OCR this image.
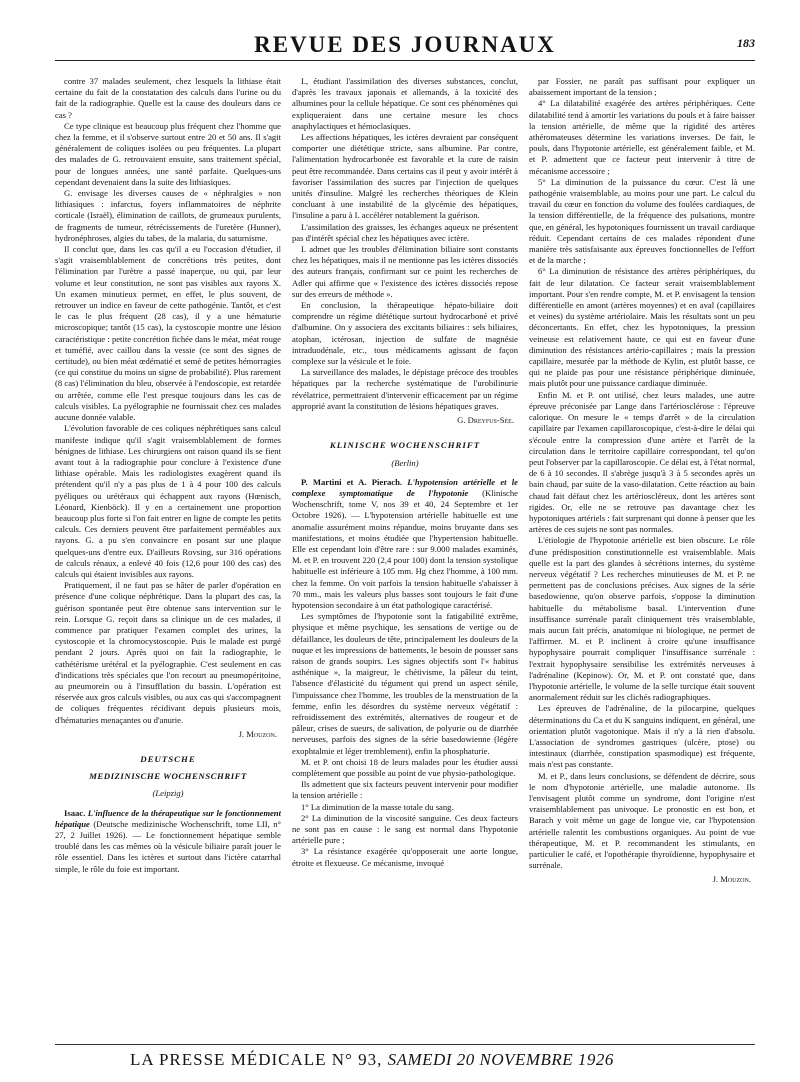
REVUE DES JOURNAUX	183

contre 37 malades seulement, chez lesquels la lithiase était certaine du fait de la constatation des calculs dans l'urine ou du fait de la radiographie. Quelle est la cause des douleurs dans ce cas ?

Ce type clinique est beaucoup plus fréquent chez l'homme que chez la femme, et il s'observe surtout entre 20 et 50 ans. Il s'agit généralement de coliques isolées ou peu fréquentes. La plupart des malades de G. retrouvaient ensuite, sans traitement spécial, pour de longues années, une santé parfaite. Quelques-uns cependant devenaient dans la suite des lithiasiques.

G. envisage les diverses causes de « néphralgies » non lithiasiques : infarctus, foyers inflammatoires de néphrite corticale (Israël), élimination de caillots, de grumeaux purulents, de fragments de tumeur, rétrécissements de l'uretère (Hunner), hydronéphroses, algies du tabes, de la malaria, du saturnisme.

Il conclut que, dans les cas qu'il a eu l'occasion d'étudier, il s'agit vraisemblablement de concrétions très petites, dont l'élimination par l'urètre a passé inaperçue, ou qui, par leur volume et leur constitution, ne sont pas visibles aux rayons X. Un examen minutieux permet, en effet, le plus souvent, de retrouver un indice en faveur de cette pathogénie. Tantôt, et c'est le cas le plus fréquent (28 cas), il y a une hématurie microscopique; tantôt (15 cas), la cystoscopie montre une lésion caractéristique : petite concrétion fichée dans le méat, méat rouge et tuméfié, avec caillou dans la vessie (ce sont des signes de certitude), ou bien méat œdématié et semé de petites hémorragies (ce qui constitue du moins un signe de probabilité). Plus rarement (8 cas) l'élimination du bleu, observée à l'endoscopie, est retardée ou arrêtée, comme elle l'est presque toujours dans les cas de calculs visibles. La pyélographie ne fournissait chez ces malades aucune donnée valable.

L'évolution favorable de ces coliques néphrétiques sans calcul manifeste indique qu'il s'agit vraisemblablement de formes bénignes de lithiase. Les chirurgiens ont raison quand ils se fient avant tout à la radiographie pour conclure à l'existence d'une lithiase opérable. Mais les radiologistes exagèrent quand ils prétendent qu'il n'y a pas plus de 1 à 4 pour 100 des calculs pyéliques ou urétéraux qui échappent aux rayons (Hœnisch, Léonard, Kienböck). Il y en a certainement une proportion beaucoup plus forte si l'on fait entrer en ligne de compte les petits calculs. Ces derniers peuvent être parfaitement perméables aux rayons. G. a pu s'en convaincre en posant sur une plaque quelques-uns d'entre eux. D'ailleurs Rovsing, sur 316 opérations de calculs rénaux, a enlevé 40 fois (12,6 pour 100 des cas) des calculs qui étaient invisibles aux rayons.

Pratiquement, il ne faut pas se hâter de parler d'opération en présence d'une colique néphrétique. Dans la plupart des cas, la guérison spontanée peut être obtenue sans intervention sur le rein. Lorsque G. reçoit dans sa clinique un de ces malades, il commence par pratiquer l'examen complet des urines, la cystoscopie et la chromocystoscopie. Puis le malade est purgé pendant 2 jours. Après quoi on fait la radiographie, le cathétérisme urétéral et la pyélographie. C'est seulement en cas d'indications très spéciales que l'on recourt au pneumopéritoine, au pneumorein ou à l'insufflation du bassin. L'opération est réservée aux gros calculs visibles, ou aux cas qui s'accompagnent de coliques fréquentes récidivant depuis plusieurs mois, d'hématuries menaçantes ou d'anurie.

J. Mouzon.
DEUTSCHE
MEDIZINISCHE WOCHENSCHRIFT
(Leipzig)

Isaac. L'influence de la thérapeutique sur le fonctionnement hépatique (Deutsche medizinische Wochenschrift, tome LII, n° 27, 2 Juillet 1926). — Le fonctionnement hépatique semble troublé dans les cas mêmes où la vésicule biliaire paraît jouer le rôle essentiel. Dans les ictères et surtout dans l'ictère catarrhal simple, le rôle du foie est important.

I., étudiant l'assimilation des diverses substances, conclut, d'après les travaux japonais et allemands, à la toxicité des albumines pour la cellule hépatique. Ce sont ces phénomènes qui expliqueraient dans une certaine mesure les chocs anaphylactiques et hémoclasiques.

Les affections hépatiques, les ictères devraient par conséquent comporter une diététique stricte, sans albumine. Par contre, l'alimentation hydrocarbonée est favorable et la cure de raisin peut être recommandée. Dans certains cas il peut y avoir intérêt à favoriser l'assimilation des sucres par l'injection de quelques unités d'insuline. Malgré les recherches théoriques de Klein concluant à une instabilité de la glycémie des hépatiques, l'insuline a paru à I. accélérer notablement la guérison.

L'assimilation des graisses, les échanges aqueux ne présentent pas d'intérêt spécial chez les hépatiques avec ictère.

I. admet que les troubles d'élimination biliaire sont constants chez les hépatiques, mais il ne mentionne pas les ictères dissociés des auteurs français, confirmant sur ce point les recherches de Adler qui affirme que « l'existence des ictères dissociés repose sur des erreurs de méthode ».

En conclusion, la thérapeutique hépato-biliaire doit comprendre un régime diététique surtout hydrocarboné et privé d'albumine. On y associera des excitants biliaires : sels biliaires, atophan, ictérosan, injection de sulfate de magnésie intraduodénale, etc., tous médicaments agissant de façon complexe sur la vésicule et le foie.

La surveillance des malades, le dépistage précoce des troubles hépatiques par la recherche systématique de l'urobilinurie révélatrice, permettraient d'intervenir efficacement par un régime approprié avant la constitution de lésions hépatiques graves.

G. Dreyfus-Sée.
KLINISCHE WOCHENSCHRIFT
(Berlin)

P. Martini et A. Pierach. L'hypotension artérielle et le complexe symptomatique de l'hypotonie (Klinische Wochenschrift, tome V, nos 39 et 40, 24 Septembre et 1er Octobre 1926). — L'hypotension artérielle habituelle est une anomalie assurément moins répandue, moins bruyante dans ses manifestations, et moins étudiée que l'hypertension habituelle. Elle est cependant loin d'être rare : sur 9.000 malades examinés, M. et P. en trouvent 220 (2,4 pour 100) dont la tension systolique habituelle est inférieure à 105 mm. Hg chez l'homme, à 100 mm. chez la femme. On voit parfois la tension habituelle s'abaisser à 70 mm., mais les valeurs plus basses sont toujours le fait d'une hypotension secondaire à un état pathologique caractérisé.

Les symptômes de l'hypotonie sont la fatigabilité extrême, physique et même psychique, les sensations de vertige ou de défaillance, les douleurs de tête, principalement les douleurs de la nuque et les impressions de battements, le besoin de pousser sans raison de grands soupirs. Les signes objectifs sont l'« habitus asthénique », la maigreur, le chétivisme, la pâleur du teint, l'absence d'élasticité du tégument qui prend un aspect sénile, l'impuissance chez l'homme, les troubles de la menstruation de la femme, enfin les désordres du système nerveux végétatif : refroidissement des extrémités, alternatives de rougeur et de pâleur, crises de sueurs, de salivation, de polyurie ou de diarrhée nerveuses, parfois des signes de la série basedowienne (légère exophtalmie et léger tremblement), enfin la phosphaturie.

M. et P. ont choisi 18 de leurs malades pour les étudier aussi complètement que possible au point de vue physio-pathologique.

Ils admettent que six facteurs peuvent intervenir pour modifier la tension artérielle :

1° La diminution de la masse totale du sang.

2° La diminution de la viscosité sanguine. Ces deux facteurs ne sont pas en cause : le sang est normal dans l'hypotonie artérielle pure ;

3° La résistance exagérée qu'opposerait une aorte longue, étroite et flexueuse. Ce mécanisme, invoqué

par Fossier, ne paraît pas suffisant pour expliquer un abaissement important de la tension ;

4° La dilatabilité exagérée des artères périphériques. Cette dilatabilité tend à amortir les variations du pouls et à faire baisser la tension artérielle, de même que la rigidité des artères athéromateuses détermine les variations inverses. De fait, le pouls, dans l'hypotonie artérielle, est généralement faible, et M. et P. admettent que ce facteur peut intervenir à titre de mécanisme accessoire ;

5° La diminution de la puissance du cœur. C'est là une pathogénie vraisemblable, au moins pour une part. Le calcul du travail du cœur en fonction du volume des foulées cardiaques, de la tension différentielle, de la fréquence des pulsations, montre que, en général, les hypotoniques fournissent un travail cardiaque réduit. Cependant certains de ces malades répondent d'une manière très satisfaisante aux épreuves fonctionnelles de l'effort et de la marche ;

6° La diminution de résistance des artères périphériques, du fait de leur dilatation. Ce facteur serait vraisemblablement important. Pour s'en rendre compte, M. et P. envisagent la tension différentielle en amont (artères moyennes) et en aval (capillaires et veines) du système artériolaire. Mais les résultats sont un peu déconcertants. En effet, chez les hypotoniques, la pression veineuse est relativement haute, ce qui est en faveur d'une diminution des résistances artério-capillaires ; mais la pression capillaire, mesurée par la méthode de Kylin, est plutôt basse, ce qui ne plaide pas pour une résistance périphérique diminuée, mais plutôt pour une puissance cardiaque diminuée.

Enfin M. et P. ont utilisé, chez leurs malades, une autre épreuve préconisée par Lange dans l'artériosclérose : l'épreuve calorique. On mesure le « temps d'arrêt » de la circulation capillaire par l'examen capillaroscopique, c'est-à-dire le délai qui s'écoule entre la compression d'une artère et l'arrêt de la circulation dans le territoire capillaire correspondant, tel qu'on peut l'observer par la capillaroscopie. Ce délai est, à l'état normal, de 6 à 10 secondes. Il s'abrège jusqu'à 3 à 5 secondes après un bain chaud, par suite de la vaso-dilatation. Cette réaction au bain chaud fait défaut chez les artérioscléreux, dont les artères sont rigides. Or, elle ne se retrouve pas davantage chez les hypotoniques artériels : fait surprenant qui donne à penser que les artères de ces sujets ne sont pas normales.

L'étiologie de l'hypotonie artérielle est bien obscure. Le rôle d'une prédisposition constitutionnelle est vraisemblable. Mais quelle est la part des glandes à sécrétions internes, du système nerveux végétatif ? Les recherches minutieuses de M. et P. ne permettent pas de conclusions précises. Aux signes de la série basedowienne, qu'on observe parfois, s'oppose la diminution habituelle du métabolisme basal. L'intervention d'une insuffisance surrénale paraît cliniquement très vraisemblable, mais aucun fait précis, anatomique ni biologique, ne permet de l'affirmer. M. et P. inclinent à croire qu'une insuffisance hypophysaire pourrait compliquer l'insuffisance surrénale : l'extrait hypophysaire sensibilise les extrémités nerveuses à l'adrénaline (Kepinow). Or, M. et P. ont constaté que, dans l'hypotonie artérielle, le volume de la selle turcique était souvent anormalement réduit sur les clichés radiographiques.

Les épreuves de l'adrénaline, de la pilocarpine, quelques déterminations du Ca et du K sanguins indiquent, en général, une orientation plutôt vagotonique. Mais il n'y a là rien d'absolu. L'association de syndromes gastriques (ulcère, ptose) ou intestinaux (diarrhée, constipation spasmodique) est fréquente, mais n'est pas constante.

M. et P., dans leurs conclusions, se défendent de décrire, sous le nom d'hypotonie artérielle, une maladie autonome. Ils l'envisagent plutôt comme un syndrome, dont l'origine n'est vraisemblablement pas univoque. Le pronostic en est bon, et Barach y voit même un gage de longue vie, car l'hypotension artérielle ralentit les combustions organiques. Au point de vue thérapeutique, M. et P. recommandent les stimulants, en particulier le café, et l'opothérapie thyroïdienne, hypophysaire et surrénale.

J. Mouzon.
LA PRESSE MÉDICALE N° 93, SAMEDI 20 NOVEMBRE 1926
